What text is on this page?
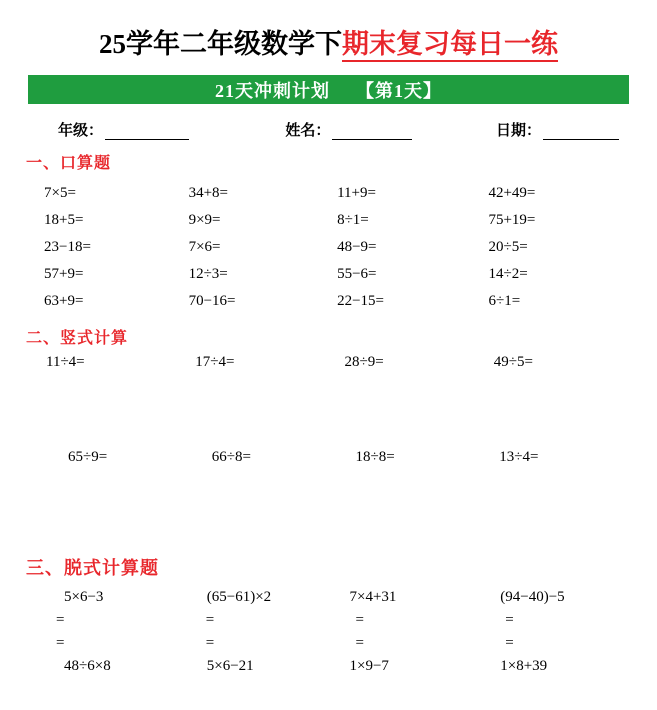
25学年二年级数学下期末复习每日一练
21天冲刺计划 【第1天】
年级：	姓名：	日期：
一、口算题
7×5=	34+8=	11+9=	42+49=
18+5=	9×9=	8÷1=	75+19=
23−18=	7×6=	48−9=	20÷5=
57+9=	12÷3=	55−6=	14÷2=
63+9=	70−16=	22−15=	6÷1=
二、竖式计算
11÷4=	17÷4=	28÷9=	49÷5=
65÷9=	66÷8=	18÷8=	13÷4=
三、脱式计算题
5×6−3	(65−61)×2	7×4+31	(94−40)−5
=	=	=	=
=	=	=	=
48÷6×8	5×6−21	1×9−7	1×8+39
